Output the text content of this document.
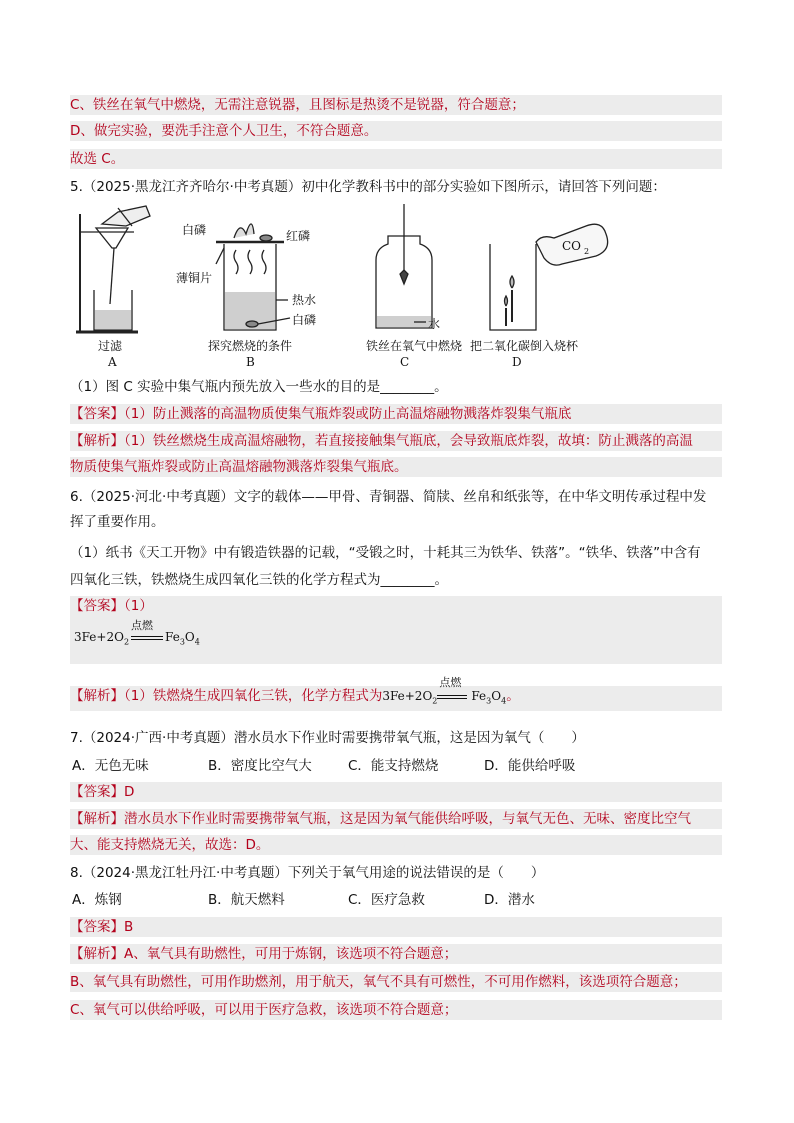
C、铁丝在氧气中燃烧，无需注意锐器，且图标是热烫不是锐器，符合题意；
D、做完实验，要洗手注意个人卫生，不符合题意。
故选 C。
5.（2025·黑龙江齐齐哈尔·中考真题）初中化学教科书中的部分实验如下图所示，请回答下列问题：
过滤
A
白磷	红磷
薄铜片
热水
白磷
探究燃烧的条件
B
水
铁丝在氧气中燃烧
C
CO 2
把二氧化碳倒入烧杯
D
（1）图 C 实验中集气瓶内预先放入一些水的目的是________。
【答案】（1）防止溅落的高温物质使集气瓶炸裂或防止高温熔融物溅落炸裂集气瓶底
【解析】（1）铁丝燃烧生成高温熔融物，若直接接触集气瓶底，会导致瓶底炸裂，故填：防止溅落的高温
物质使集气瓶炸裂或防止高温熔融物溅落炸裂集气瓶底。
6.（2025·河北·中考真题）文字的载体——甲骨、青铜器、简牍、丝帛和纸张等，在中华文明传承过程中发
挥了重要作用。
（1）纸书《天工开物》中有锻造铁器的记载，“受锻之时，十耗其三为铁华、铁落”。“铁华、铁落”中含有
四氧化三铁，铁燃烧生成四氧化三铁的化学方程式为________。
【答案】（1）
$3Fe+2O_2$
点燃
$Fe_3O_4$
【解析】（1）铁燃烧生成四氧化三铁，化学方程式为$3Fe+2O_2$
点燃
$Fe_3O_4$。
7.（2024·广西·中考真题）潜水员水下作业时需要携带氧气瓶，这是因为氧气（　　）
A．无色无味	B．密度比空气大	C．能支持燃烧	D．能供给呼吸
【答案】D
【解析】潜水员水下作业时需要携带氧气瓶，这是因为氧气能供给呼吸，与氧气无色、无味、密度比空气
大、能支持燃烧无关，故选：D。
8.（2024·黑龙江牡丹江·中考真题）下列关于氧气用途的说法错误的是（　　）
A．炼钢	B．航天燃料	C．医疗急救	D．潜水
【答案】B
【解析】A、氧气具有助燃性，可用于炼钢，该选项不符合题意；
B、氧气具有助燃性，可用作助燃剂，用于航天，氧气不具有可燃性，不可用作燃料，该选项符合题意；
C、氧气可以供给呼吸，可以用于医疗急救，该选项不符合题意；
